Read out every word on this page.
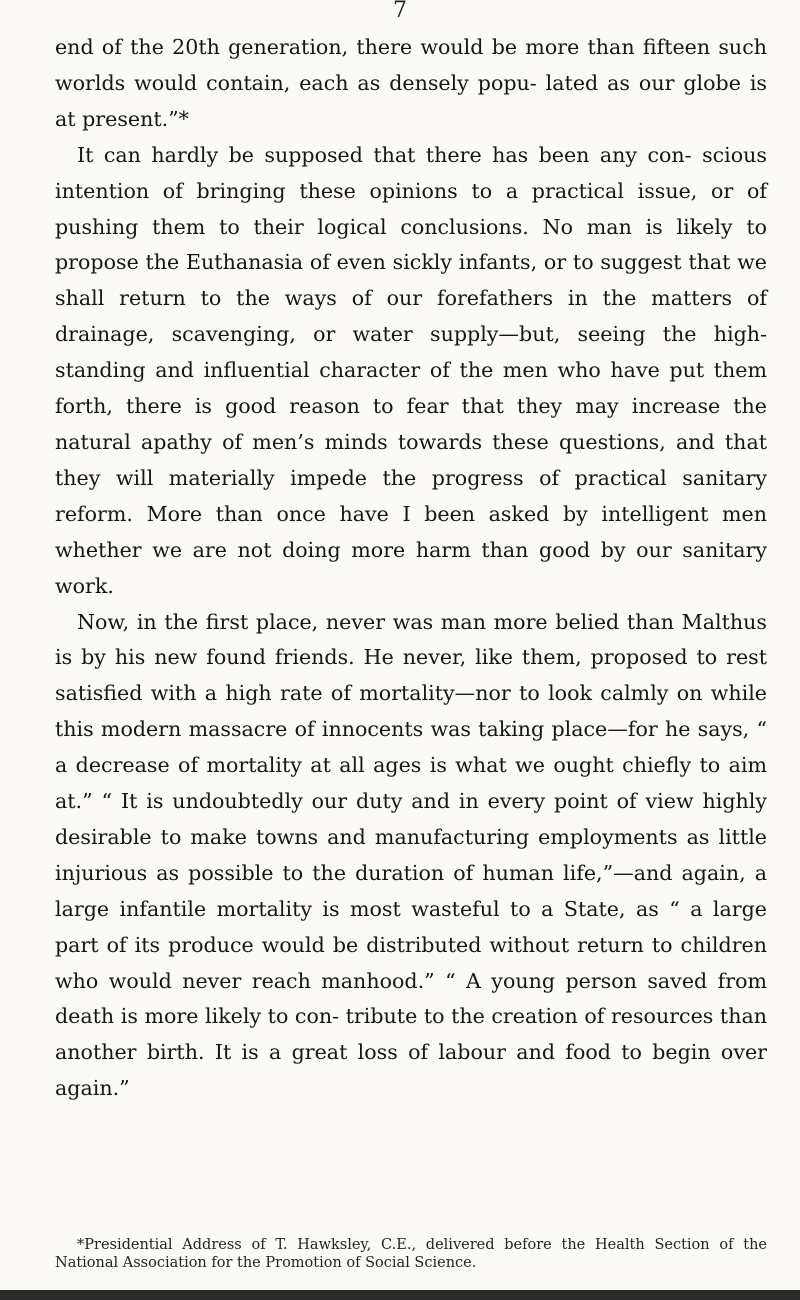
7

end of the 20th generation, there would be more than fifteen such worlds would contain, each as densely popu- lated as our globe is at present.”*

It can hardly be supposed that there has been any con- scious intention of bringing these opinions to a practical issue, or of pushing them to their logical conclusions. No man is likely to propose the Euthanasia of even sickly infants, or to suggest that we shall return to the ways of our forefathers in the matters of drainage, scavenging, or water supply—but, seeing the high-standing and influential character of the men who have put them forth, there is good reason to fear that they may increase the natural apathy of men’s minds towards these questions, and that they will materially impede the progress of practical sanitary reform. More than once have I been asked by intelligent men whether we are not doing more harm than good by our sanitary work.

Now, in the first place, never was man more belied than Malthus is by his new found friends. He never, like them, proposed to rest satisfied with a high rate of mortality—nor to look calmly on while this modern massacre of innocents was taking place—for he says, “ a decrease of mortality at all ages is what we ought chiefly to aim at.” “ It is undoubtedly our duty and in every point of view highly desirable to make towns and manufacturing employments as little injurious as possible to the duration of human life,”—and again, a large infantile mortality is most wasteful to a State, as “ a large part of its produce would be distributed without return to children who would never reach manhood.” “ A young person saved from death is more likely to con- tribute to the creation of resources than another birth. It is a great loss of labour and food to begin over again.”

*Presidential Address of T. Hawksley, C.E., delivered before the Health Section of the National Association for the Promotion of Social Science.
